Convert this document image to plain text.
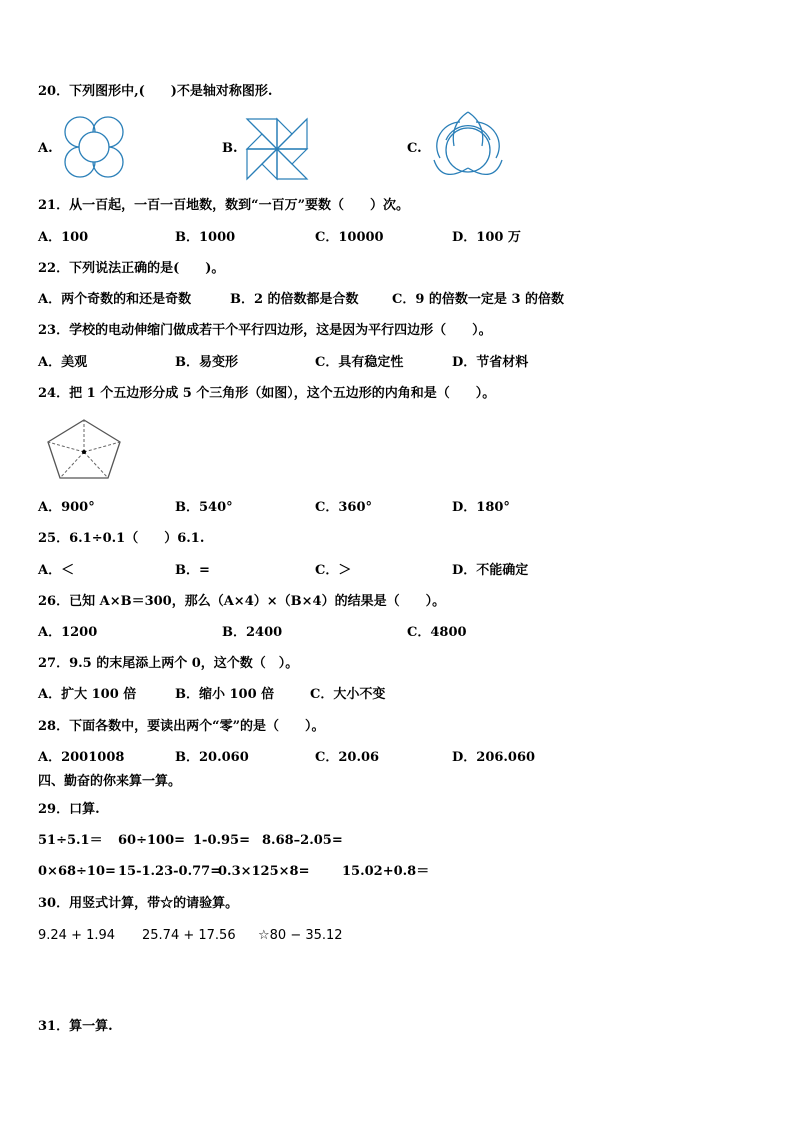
20．下列图形中,(　　)不是轴对称图形.
A.	B.	C.
21．从一百起，一百一百地数，数到“一百万”要数（　　）次。
A．100	B．1000	C．10000	D．100 万
22．下列说法正确的是(　　)。
A．两个奇数的和还是奇数	B．2 的倍数都是合数	C．9 的倍数一定是 3 的倍数
23．学校的电动伸缩门做成若干个平行四边形，这是因为平行四边形（　　）。
A．美观	B．易变形	C．具有稳定性	D．节省材料
24．把 1 个五边形分成 5 个三角形（如图），这个五边形的内角和是（　　）。
A．900°	B．540°	C．360°	D．180°
25．6.1÷0.1（　　）6.1.
A．＜	B．=	C．＞	D．不能确定
26．已知 A×B＝300，那么（A×4）×（B×4）的结果是（　　）。
A．1200	B．2400	C．4800
27．9.5 的末尾添上两个 0，这个数（　）。
A．扩大 100 倍	B．缩小 100 倍	C．大小不变
28．下面各数中，要读出两个“零”的是（　　）。
A．2001008	B．20.060	C．20.06	D．206.060
四、勤奋的你来算一算。
29．口算.
51÷5.1＝ 60÷100= 1-0.95= 8.68–2.05=
0×68÷10= 15-1.23-0.77=
0.3×125×8=	15.02+0.8＝
30．用竖式计算，带☆的请验算。
9.24 + 1.94 25.74 + 17.56 ☆80 − 35.12
31．算一算.
